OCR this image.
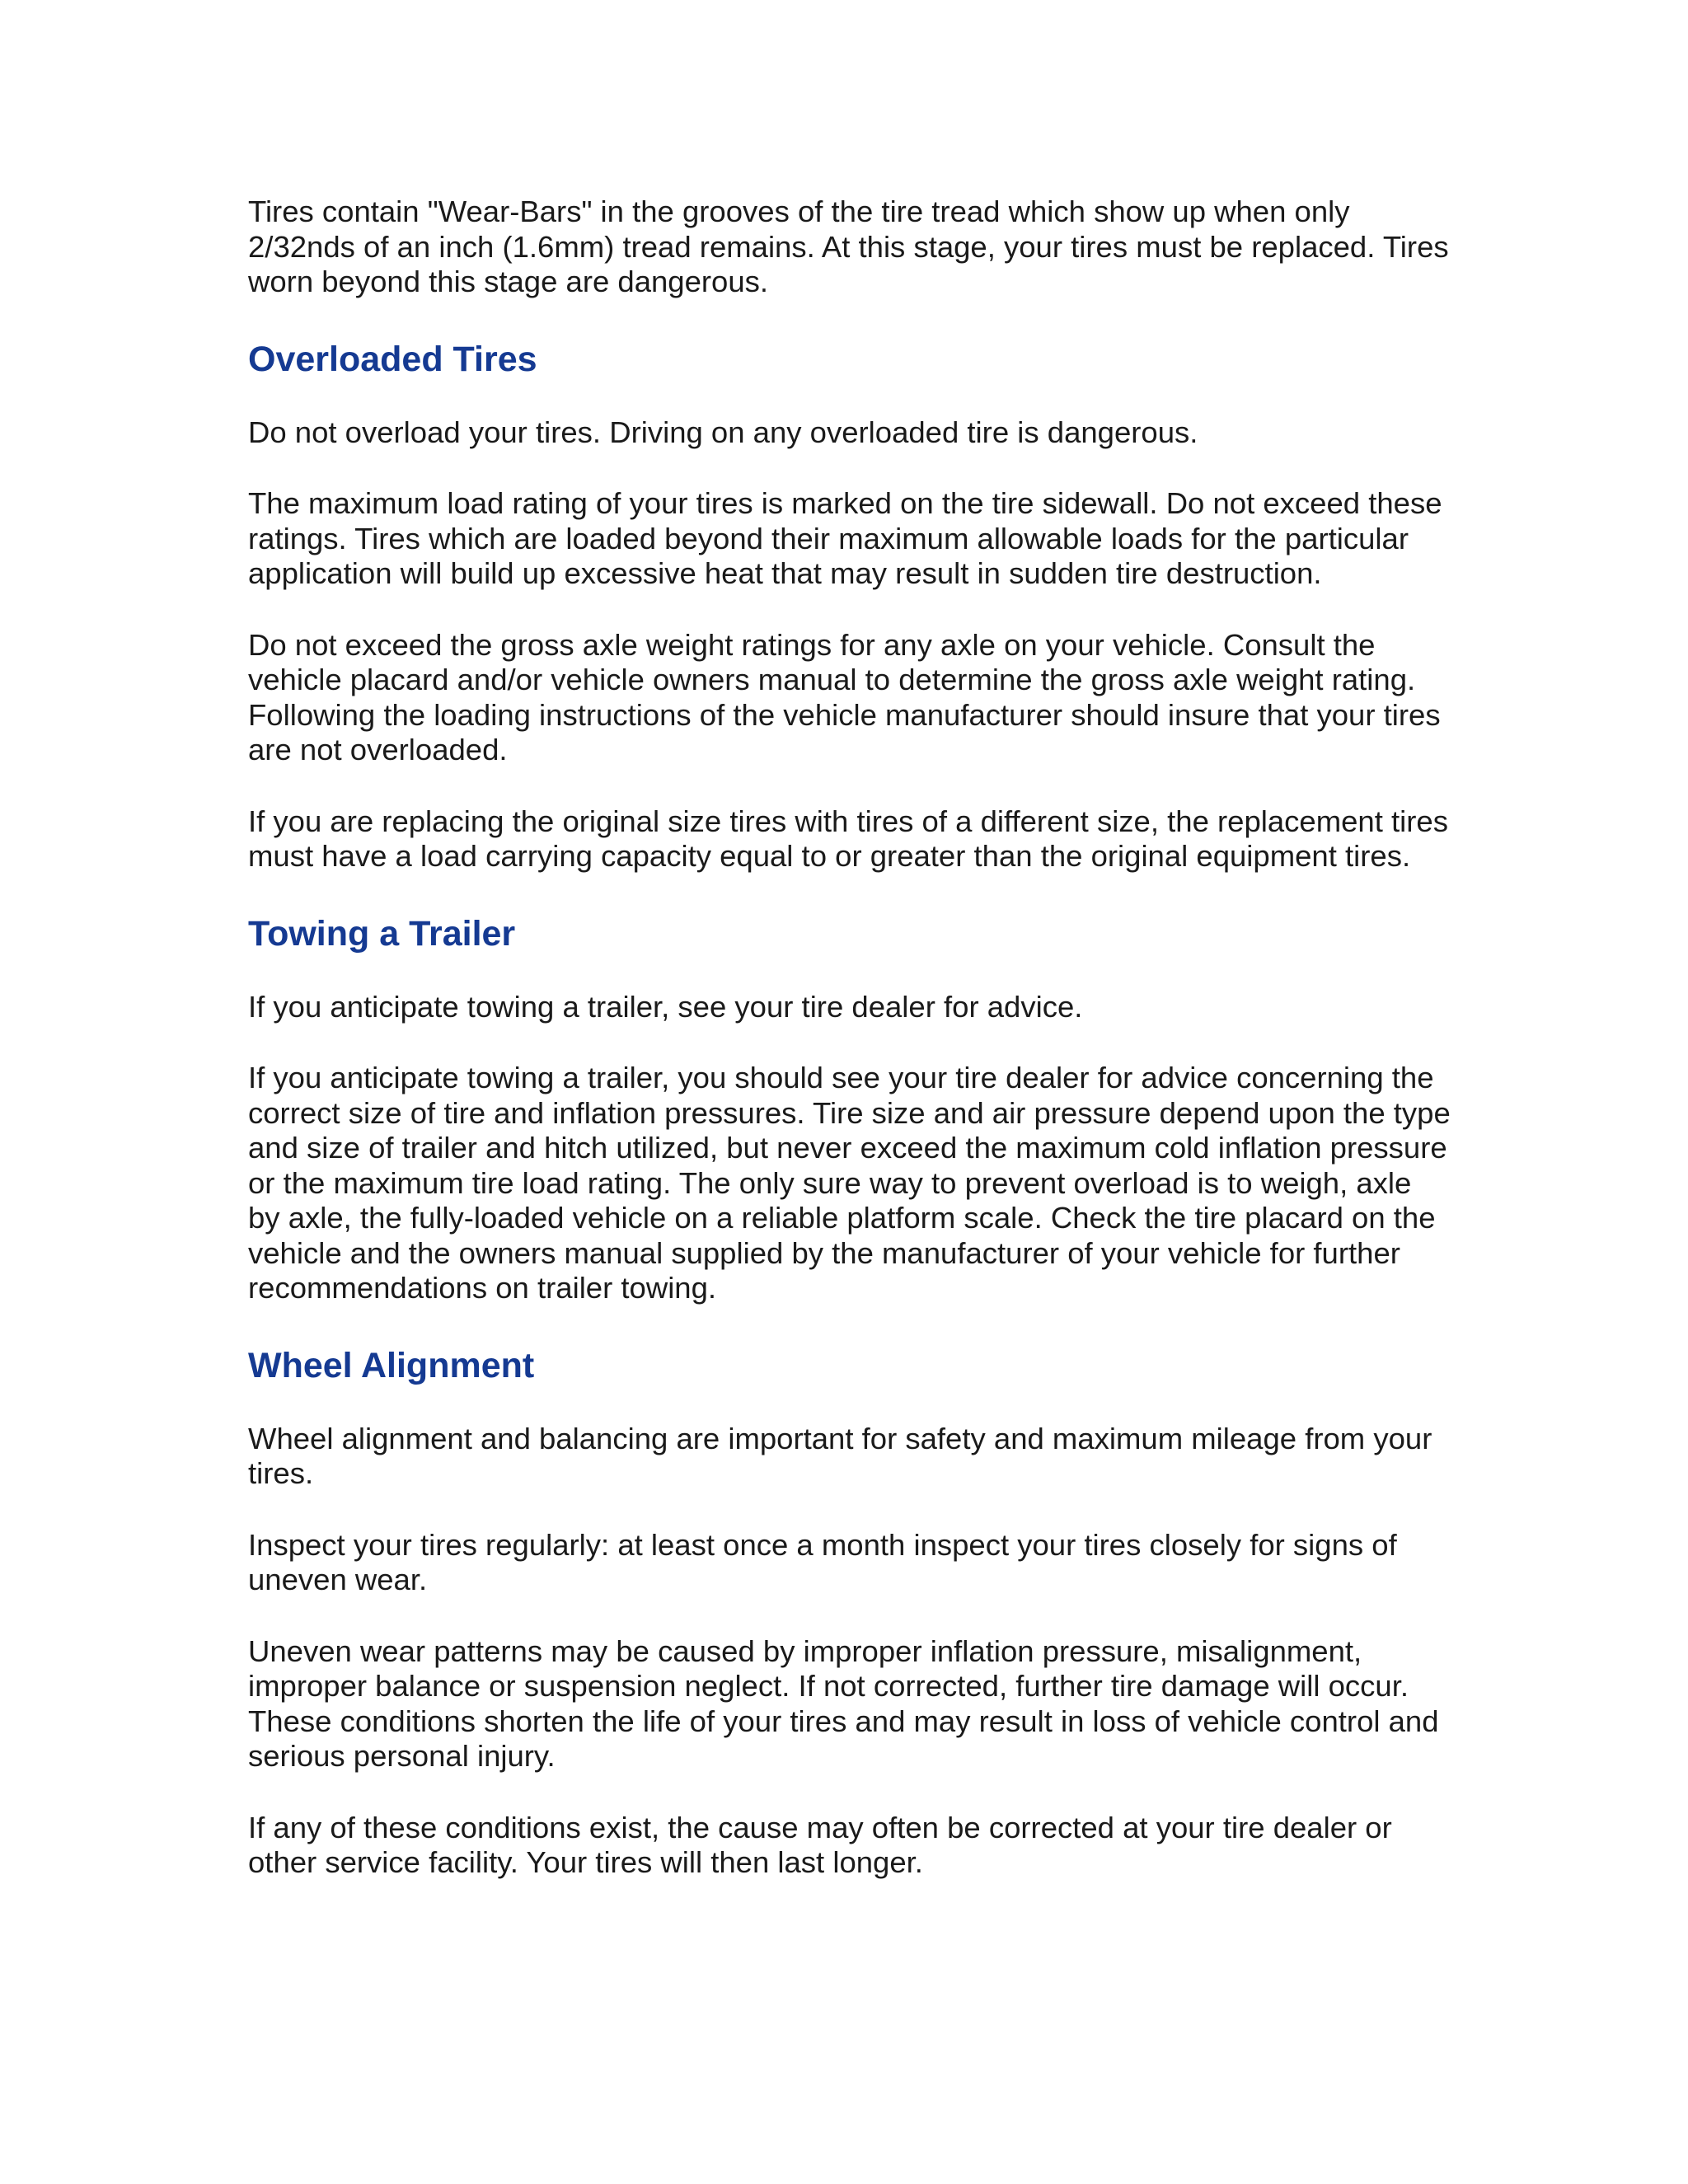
Tires contain "Wear-Bars" in the grooves of the tire tread which show up when only 2/32nds of an inch (1.6mm) tread remains. At this stage, your tires must be replaced. Tires worn beyond this stage are dangerous.

Overloaded Tires

Do not overload your tires. Driving on any overloaded tire is dangerous.

The maximum load rating of your tires is marked on the tire sidewall. Do not exceed these ratings. Tires which are loaded beyond their maximum allowable loads for the particular application will build up excessive heat that may result in sudden tire destruction.

Do not exceed the gross axle weight ratings for any axle on your vehicle. Consult the vehicle placard and/or vehicle owners manual to determine the gross axle weight rating. Following the loading instructions of the vehicle manufacturer should insure that your tires are not overloaded.

If you are replacing the original size tires with tires of a different size, the replacement tires must have a load carrying capacity equal to or greater than the original equipment tires.

Towing a Trailer

If you anticipate towing a trailer, see your tire dealer for advice.

If you anticipate towing a trailer, you should see your tire dealer for advice concerning the correct size of tire and inflation pressures. Tire size and air pressure depend upon the type and size of trailer and hitch utilized, but never exceed the maximum cold inflation pressure or the maximum tire load rating. The only sure way to prevent overload is to weigh, axle by axle, the fully-loaded vehicle on a reliable platform scale. Check the tire placard on the vehicle and the owners manual supplied by the manufacturer of your vehicle for further recommendations on trailer towing.

Wheel Alignment

Wheel alignment and balancing are important for safety and maximum mileage from your tires.

Inspect your tires regularly: at least once a month inspect your tires closely for signs of uneven wear.

Uneven wear patterns may be caused by improper inflation pressure, misalignment, improper balance or suspension neglect. If not corrected, further tire damage will occur. These conditions shorten the life of your tires and may result in loss of vehicle control and serious personal injury.

If any of these conditions exist, the cause may often be corrected at your tire dealer or other service facility. Your tires will then last longer.
